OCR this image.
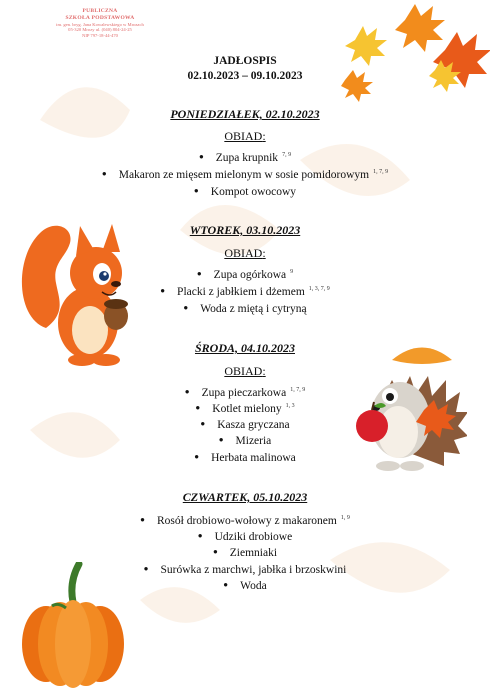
PUBLICZNA
SZKOŁA PODSTAWOWA
im. gen. bryg. Jana Kowalewskiego w Mrozach
05-320 Mrozy ul. (040) 804-24-25
NIP 797-18-44-470
JADŁOSPIS
02.10.2023 – 09.10.2023
PONIEDZIAŁEK, 02.10.2023
OBIAD:
● Zupa krupnik $^{7, 9}$
● Makaron ze mięsem mielonym w sosie pomidorowym $^{1, 7, 9}$
● Kompot owocowy
WTOREK, 03.10.2023
OBIAD:
● Zupa ogórkowa $^9$
● Placki z jabłkiem i dżemem $^{1, 3, 7, 9}$
● Woda z miętą i cytryną
ŚRODA, 04.10.2023
OBIAD:
● Zupa pieczarkowa $^{1, 7, 9}$
● Kotlet mielony $^{1, 3}$
● Kasza gryczana
● Mizeria
● Herbata malinowa
CZWARTEK, 05.10.2023
● Rosół drobiowo-wołowy z makaronem $^{1, 9}$
● Udziki drobiowe
● Ziemniaki
● Surówka z marchwi, jabłka i brzoskwini
● Woda
